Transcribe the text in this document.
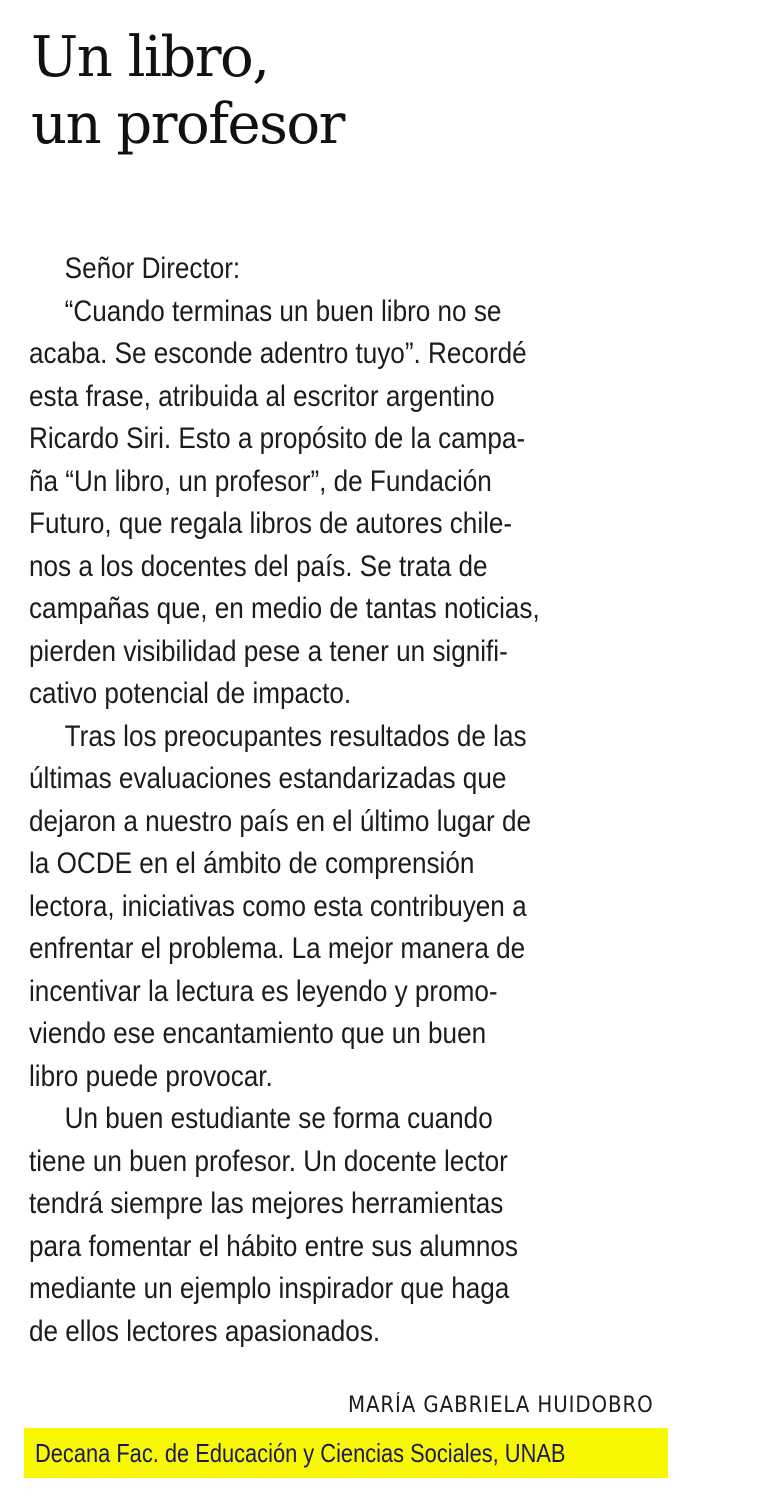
Un libro,
un profesor

Señor Director:

“Cuando terminas un buen libro no se
acaba. Se esconde adentro tuyo”. Recordé
esta frase, atribuida al escritor argentino
Ricardo Siri. Esto a propósito de la campa-
ña “Un libro, un profesor”, de Fundación
Futuro, que regala libros de autores chile-
nos a los docentes del país. Se trata de
campañas que, en medio de tantas noticias,
pierden visibilidad pese a tener un signifi-
cativo potencial de impacto.

Tras los preocupantes resultados de las
últimas evaluaciones estandarizadas que
dejaron a nuestro país en el último lugar de
la OCDE en el ámbito de comprensión
lectora, iniciativas como esta contribuyen a
enfrentar el problema. La mejor manera de
incentivar la lectura es leyendo y promo-
viendo ese encantamiento que un buen
libro puede provocar.

Un buen estudiante se forma cuando
tiene un buen profesor. Un docente lector
tendrá siempre las mejores herramientas
para fomentar el hábito entre sus alumnos
mediante un ejemplo inspirador que haga
de ellos lectores apasionados.

MARÍA GABRIELA HUIDOBRO
Decana Fac. de Educación y Ciencias Sociales, UNAB
